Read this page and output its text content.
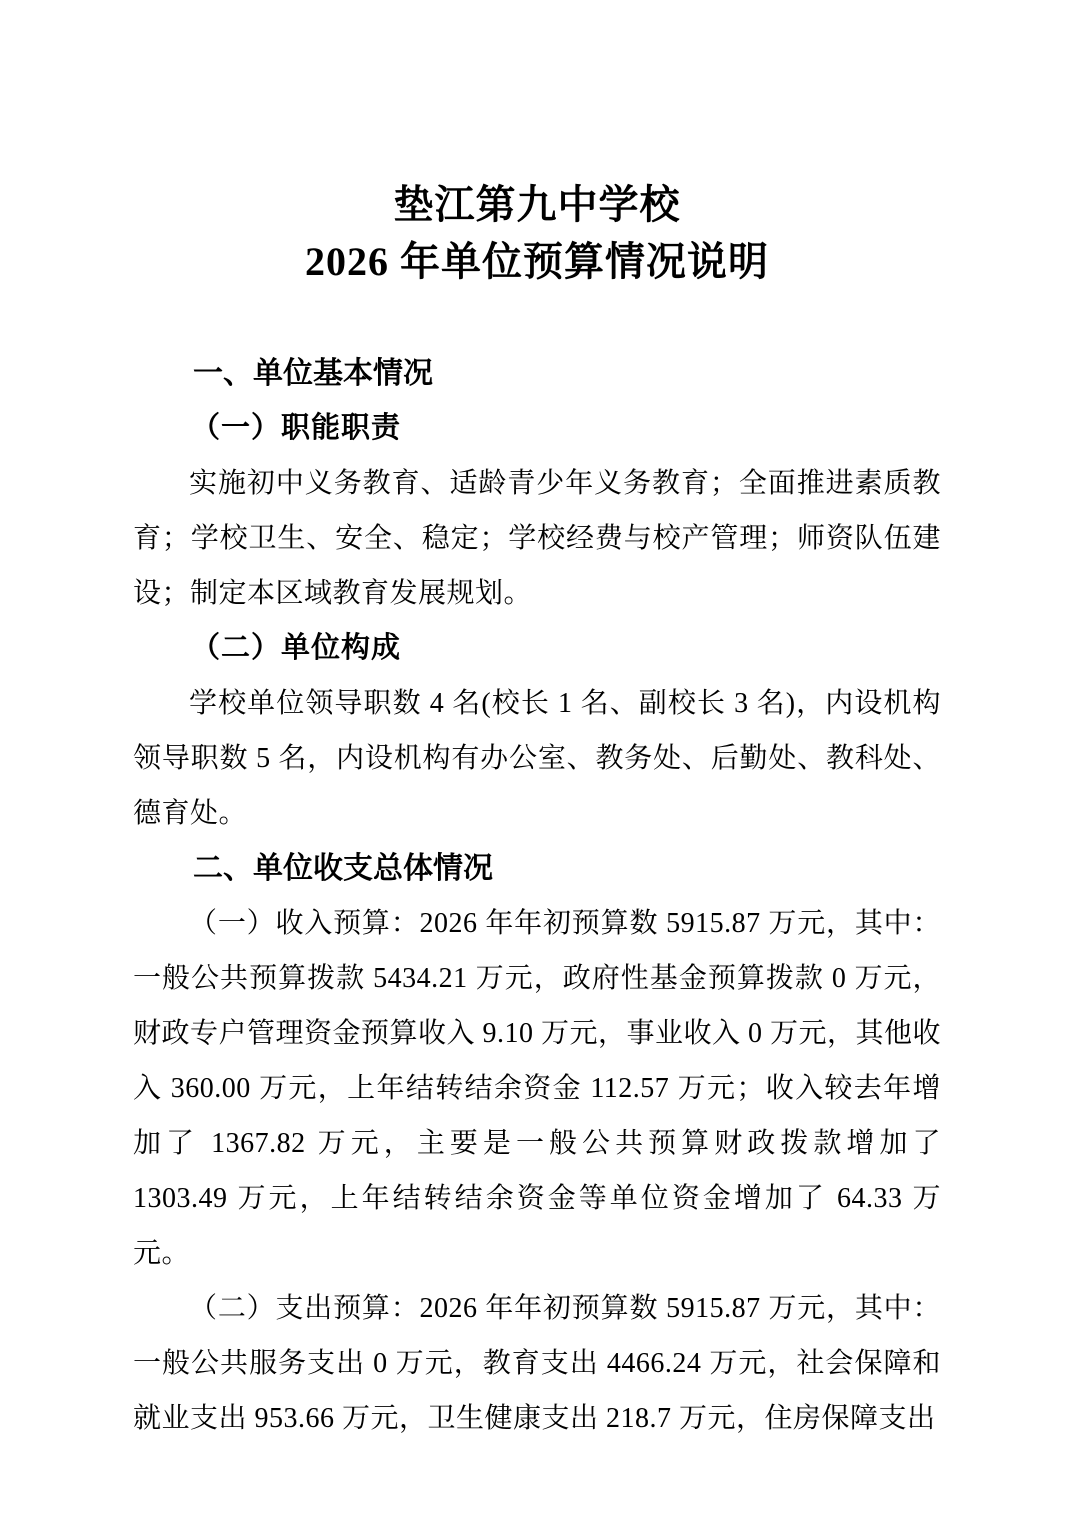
垫江第九中学校
2026 年单位预算情况说明
一、单位基本情况
（一）职能职责

实施初中义务教育、适龄青少年义务教育；全面推进素质教育；学校卫生、安全、稳定；学校经费与校产管理；师资队伍建设；制定本区域教育发展规划。

（二）单位构成

学校单位领导职数 4 名(校长 1 名、副校长 3 名)，内设机构领导职数 5 名，内设机构有办公室、教务处、后勤处、教科处、德育处。

二、单位收支总体情况

（一）收入预算：2026 年年初预算数 5915.87 万元，其中：一般公共预算拨款 5434.21 万元，政府性基金预算拨款 0 万元，财政专户管理资金预算收入 9.10 万元，事业收入 0 万元，其他收入 360.00 万元，上年结转结余资金 112.57 万元；收入较去年增加了 1367.82 万元，主要是一般公共预算财政拨款增加了 1303.49 万元，上年结转结余资金等单位资金增加了 64.33 万元。

（二）支出预算：2026 年年初预算数 5915.87 万元，其中：一般公共服务支出 0 万元，教育支出 4466.24 万元，社会保障和就业支出 953.66 万元，卫生健康支出 218.7 万元，住房保障支出
